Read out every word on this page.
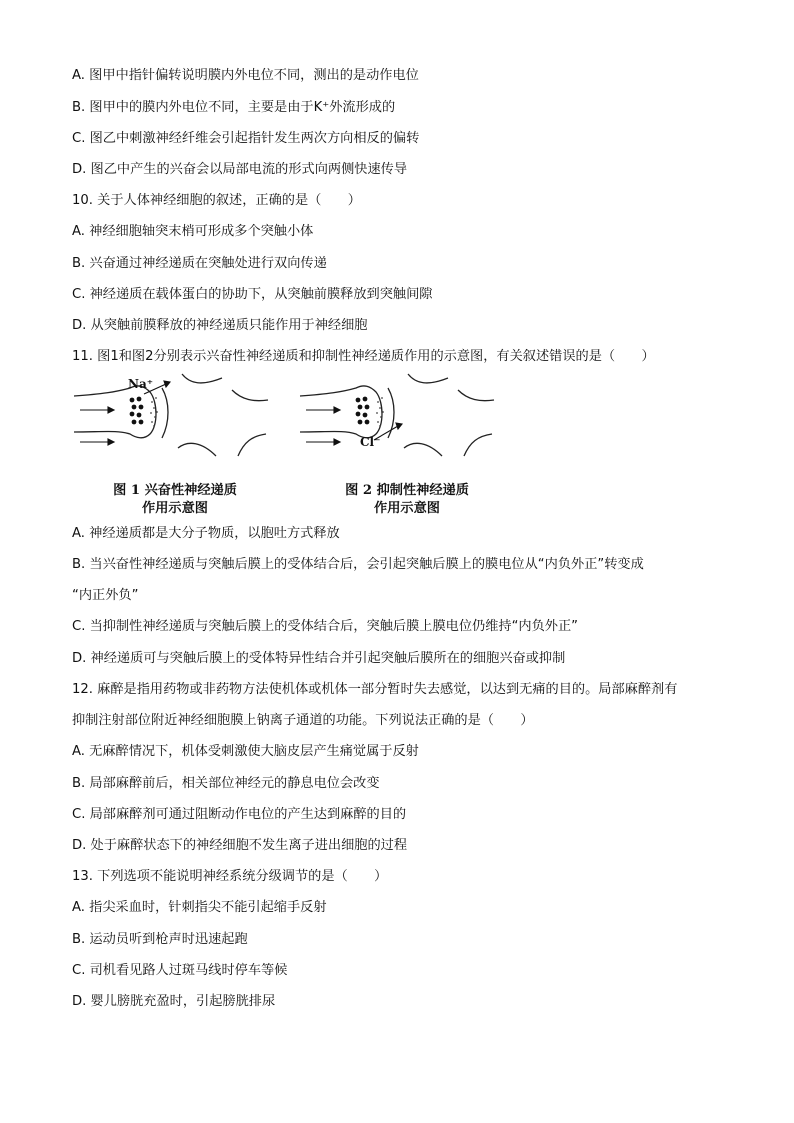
A. 图甲中指针偏转说明膜内外电位不同，测出的是动作电位
B. 图甲中的膜内外电位不同，主要是由于K⁺外流形成的
C. 图乙中刺激神经纤维会引起指针发生两次方向相反的偏转
D. 图乙中产生的兴奋会以局部电流的形式向两侧快速传导
10. 关于人体神经细胞的叙述，正确的是（　　）
A. 神经细胞轴突末梢可形成多个突触小体
B. 兴奋通过神经递质在突触处进行双向传递
C. 神经递质在载体蛋白的协助下，从突触前膜释放到突触间隙
D. 从突触前膜释放的神经递质只能作用于神经细胞
11. 图1和图2分别表示兴奋性神经递质和抑制性神经递质作用的示意图，有关叙述错误的是（　　）
Na⁺
图 1 兴奋性神经递质
作用示意图
Cl⁻
图 2 抑制性神经递质
作用示意图
A. 神经递质都是大分子物质，以胞吐方式释放
B. 当兴奋性神经递质与突触后膜上的受体结合后，会引起突触后膜上的膜电位从“内负外正”转变成
“内正外负”
C. 当抑制性神经递质与突触后膜上的受体结合后，突触后膜上膜电位仍维持“内负外正”
D. 神经递质可与突触后膜上的受体特异性结合并引起突触后膜所在的细胞兴奋或抑制
12. 麻醉是指用药物或非药物方法使机体或机体一部分暂时失去感觉，以达到无痛的目的。局部麻醉剂有
抑制注射部位附近神经细胞膜上钠离子通道的功能。下列说法正确的是（　　）
A. 无麻醉情况下，机体受刺激使大脑皮层产生痛觉属于反射
B. 局部麻醉前后，相关部位神经元的静息电位会改变
C. 局部麻醉剂可通过阻断动作电位的产生达到麻醉的目的
D. 处于麻醉状态下的神经细胞不发生离子进出细胞的过程
13. 下列选项不能说明神经系统分级调节的是（　　）
A. 指尖采血时，针刺指尖不能引起缩手反射
B. 运动员听到枪声时迅速起跑
C. 司机看见路人过斑马线时停车等候
D. 婴儿膀胱充盈时，引起膀胱排尿
